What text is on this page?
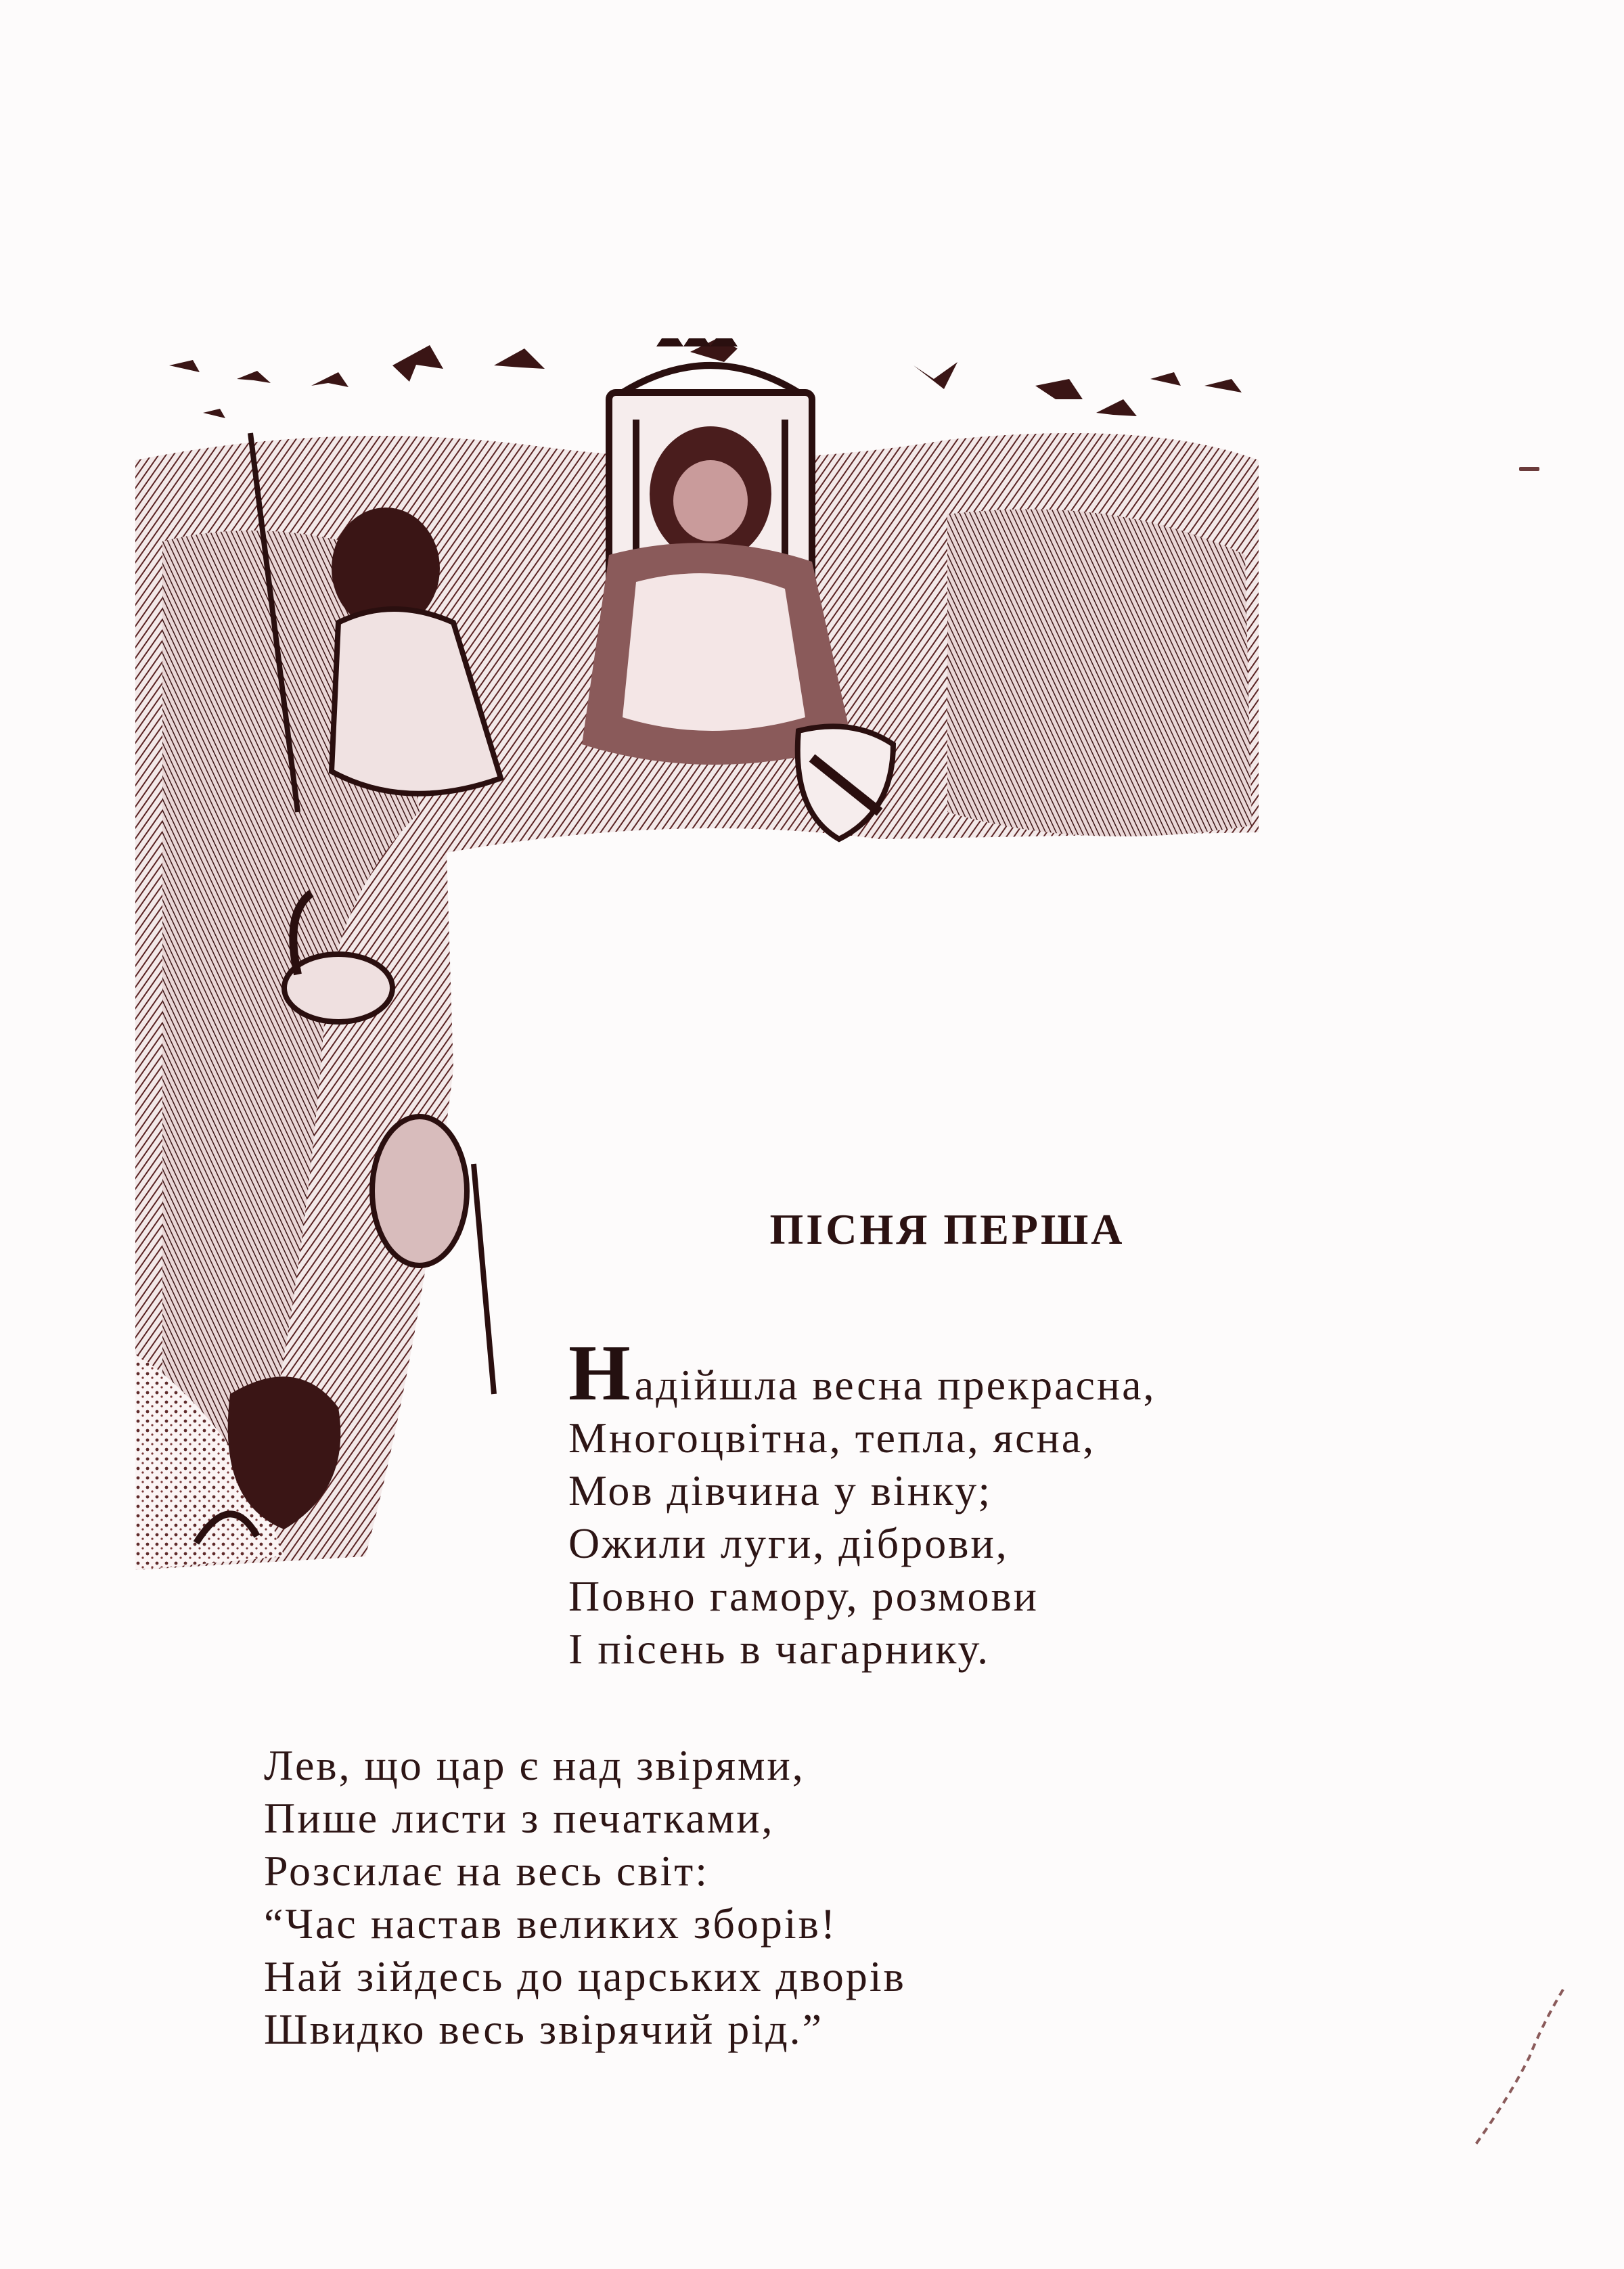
ПІСНЯ ПЕРША
Надійшла весна прекрасна,
Многоцвітна, тепла, ясна,
Мов дівчина у вінку;
Ожили луги, діброви,
Повно гамору, розмови
І пісень в чагарнику.
Лев, що цар є над звірями,
Пише листи з печатками,
Розсилає на весь світ:
“Час настав великих зборів!
Най зійдесь до царських дворів
Швидко весь звірячий рід.”
